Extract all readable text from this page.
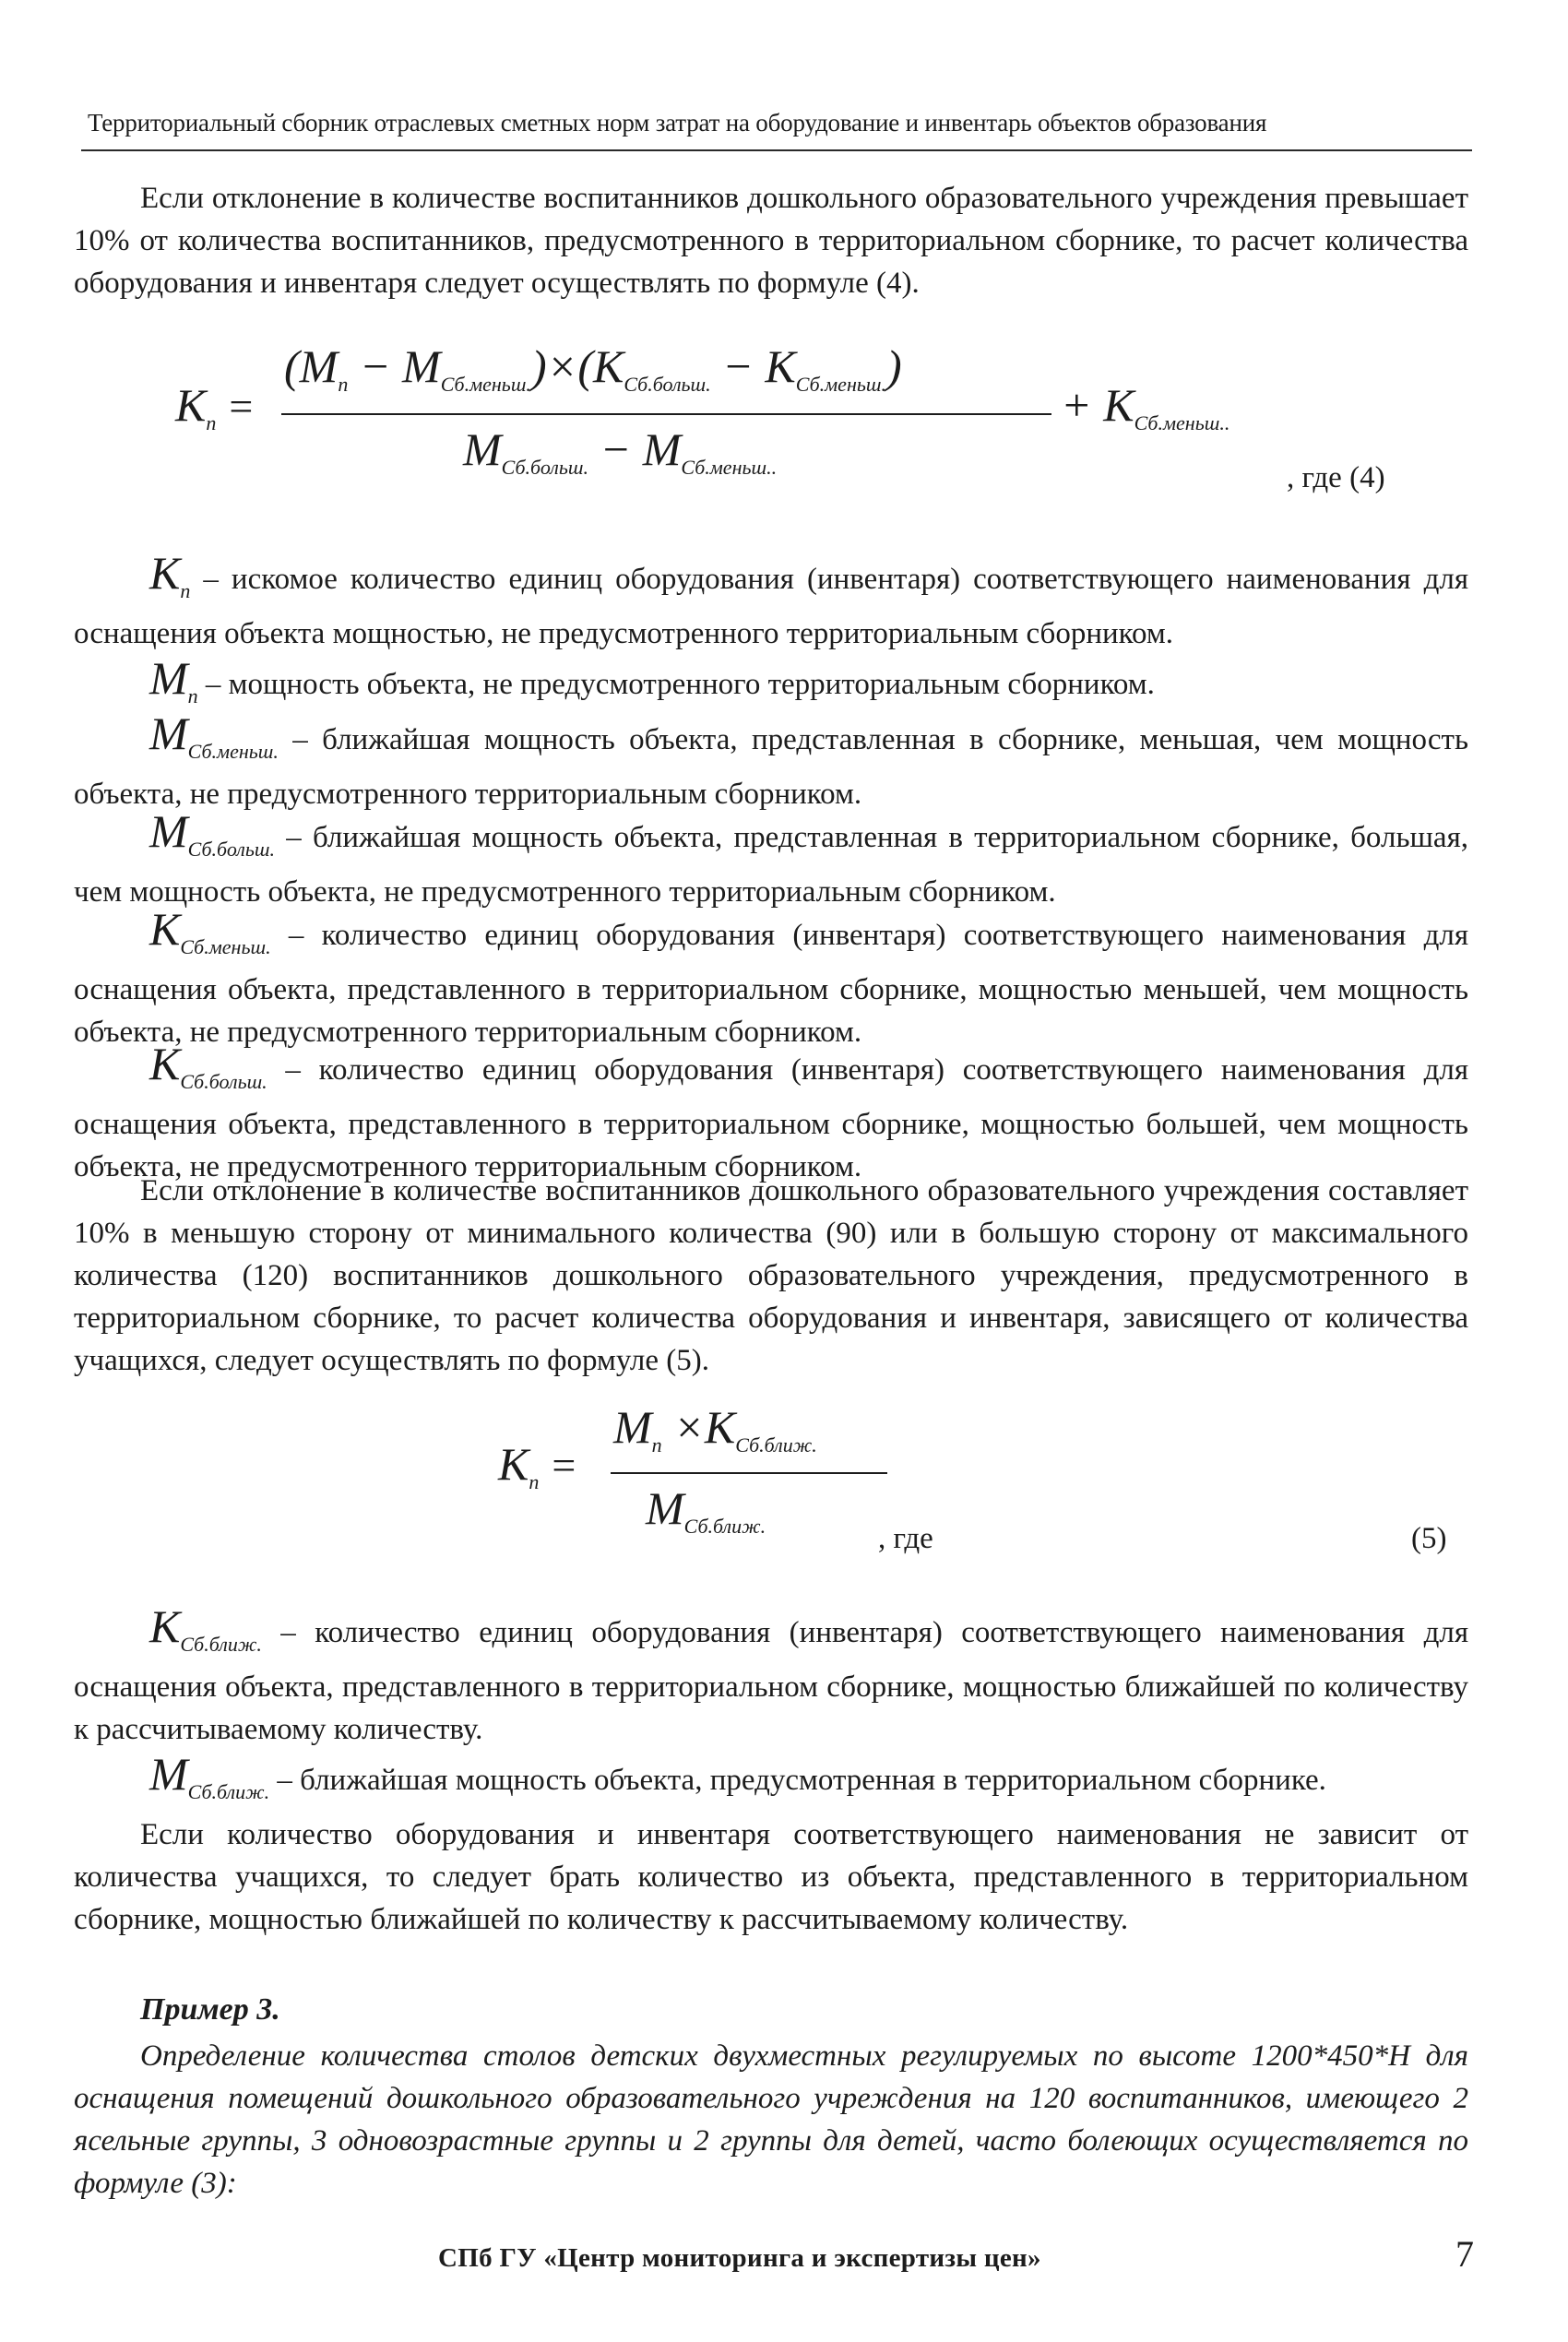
Территориальный сборник отраслевых сметных норм затрат на оборудование и инвентарь объектов образования
Если отклонение в количестве воспитанников дошкольного образовательного учреждения превышает 10% от количества воспитанников, предусмотренного в территориальном сборнике, то расчет количества оборудования и инвентаря следует осуществлять по формуле (4).
Kп =
(Mп − MСб.меньш.)×(KСб.больш. − KСб.меньш.)
MСб.больш. − MСб.меньш..
+ KСб.меньш..
, где (4)
$K_п$ – искомое количество единиц оборудования (инвентаря) соответствующего наименования для оснащения объекта мощностью, не предусмотренного территориальным сборником.
$M_п$ – мощность объекта, не предусмотренного территориальным сборником.
$M_{Сб.меньш.}$ – ближайшая мощность объекта, представленная в сборнике, меньшая, чем мощность объекта, не предусмотренного территориальным сборником.
$M_{Сб.больш.}$ – ближайшая мощность объекта, представленная в территориальном сборнике, большая, чем мощность объекта, не предусмотренного территориальным сборником.
$K_{Сб.меньш.}$ – количество единиц оборудования (инвентаря) соответствующего наименования для оснащения объекта, представленного в территориальном сборнике, мощностью меньшей, чем мощность объекта, не предусмотренного территориальным сборником.
$K_{Сб.больш.}$ – количество единиц оборудования (инвентаря) соответствующего наименования для оснащения объекта, представленного в территориальном сборнике, мощностью большей, чем мощность объекта, не предусмотренного территориальным сборником.
Если отклонение в количестве воспитанников дошкольного образовательного учреждения составляет 10% в меньшую сторону от минимального количества (90) или в большую сторону от максимального количества (120) воспитанников дошкольного образовательного учреждения, предусмотренного в территориальном сборнике, то расчет количества оборудования и инвентаря, зависящего от количества учащихся, следует осуществлять по формуле (5).
Kп =
Mп ×KСб.ближ.
MСб.ближ.	, где	(5)
$K_{Сб.ближ.}$ – количество единиц оборудования (инвентаря) соответствующего наименования для оснащения объекта, представленного в территориальном сборнике, мощностью ближайшей по количеству к рассчитываемому количеству.
$M_{Сб.ближ.}$ – ближайшая мощность объекта, предусмотренная в территориальном сборнике.
Если количество оборудования и инвентаря соответствующего наименования не зависит от количества учащихся, то следует брать количество из объекта, представленного в территориальном сборнике, мощностью ближайшей по количеству к рассчитываемому количеству.
Пример 3.
Определение количества столов детских двухместных регулируемых по высоте 1200*450*H для оснащения помещений дошкольного образовательного учреждения на 120 воспитанников, имеющего 2 ясельные группы, 3 одновозрастные группы и 2 группы для детей, часто болеющих осуществляется по формуле (3):
СПб ГУ «Центр мониторинга и экспертизы цен»	7
